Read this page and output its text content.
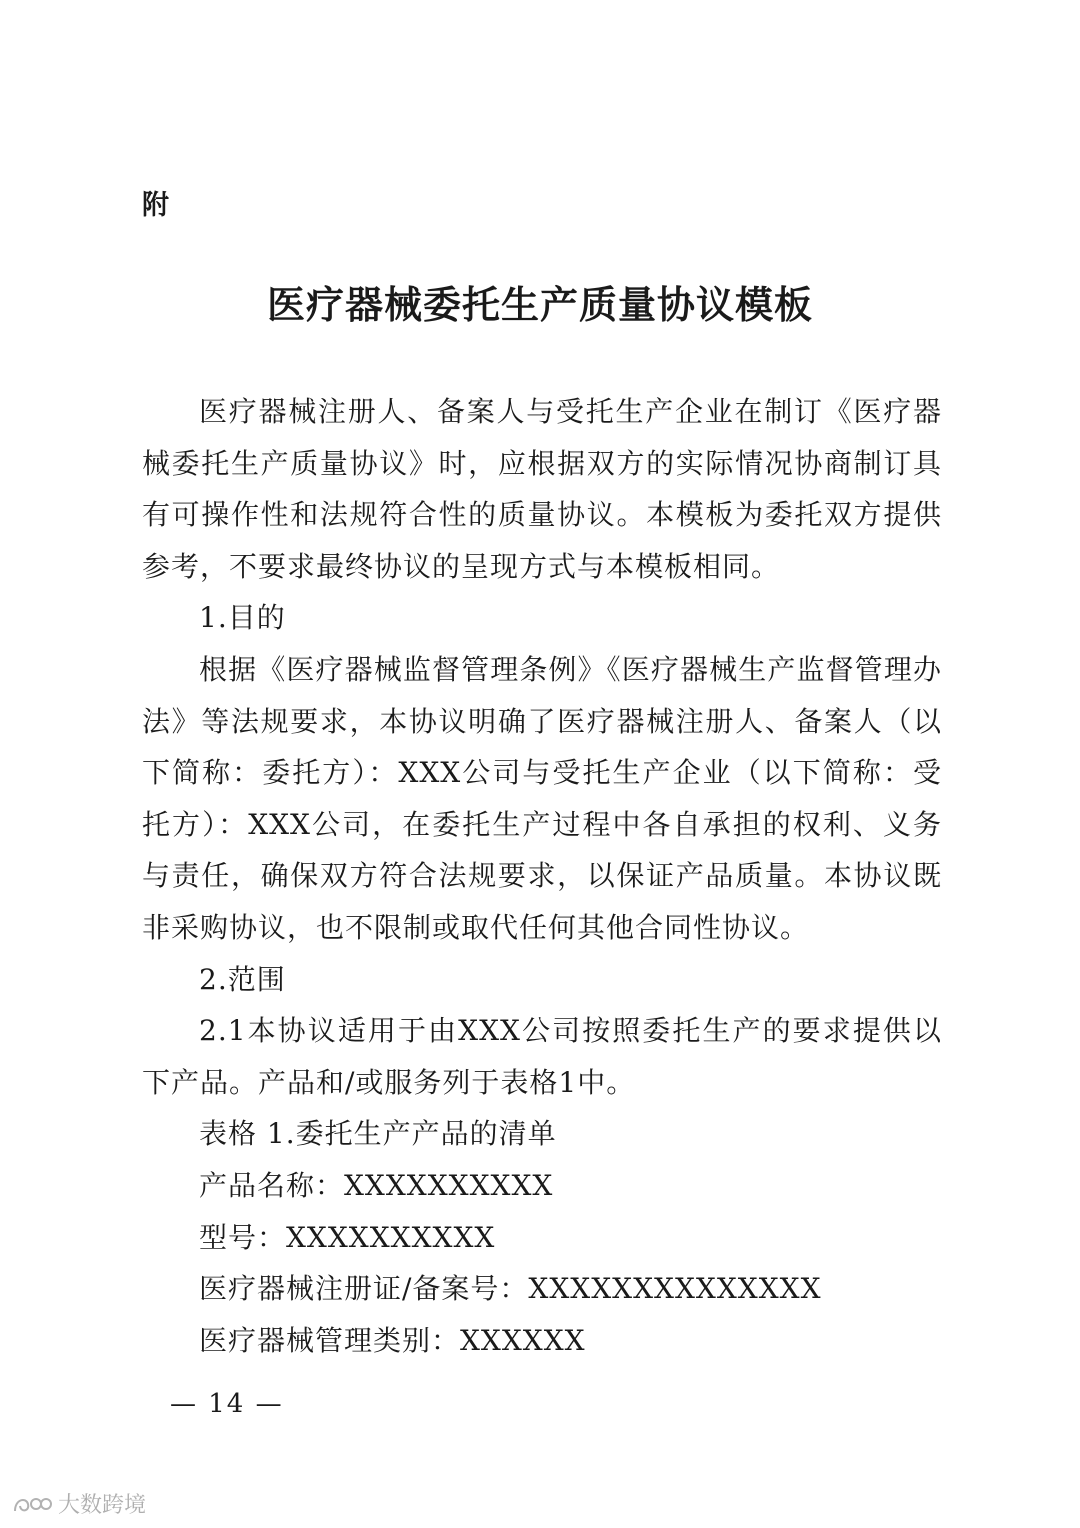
附
医疗器械委托生产质量协议模板

医疗器械注册人、备案人与受托生产企业在制订《医疗器械委托生产质量协议》时，应根据双方的实际情况协商制订具有可操作性和法规符合性的质量协议。本模板为委托双方提供参考，不要求最终协议的呈现方式与本模板相同。

1.目的

根据《医疗器械监督管理条例》《医疗器械生产监督管理办法》等法规要求，本协议明确了医疗器械注册人、备案人（以下简称：委托方）：XXX公司与受托生产企业（以下简称：受托方）：XXX公司，在委托生产过程中各自承担的权利、义务与责任，确保双方符合法规要求，以保证产品质量。本协议既非采购协议，也不限制或取代任何其他合同性协议。

2.范围

2.1本协议适用于由XXX公司按照委托生产的要求提供以下产品。产品和/或服务列于表格1中。

表格 1.委托生产产品的清单

产品名称：XXXXXXXXXX

型号：XXXXXXXXXX

医疗器械注册证/备案号：XXXXXXXXXXXXXX

医疗器械管理类别：XXXXXX

— 14 —
大数跨境
